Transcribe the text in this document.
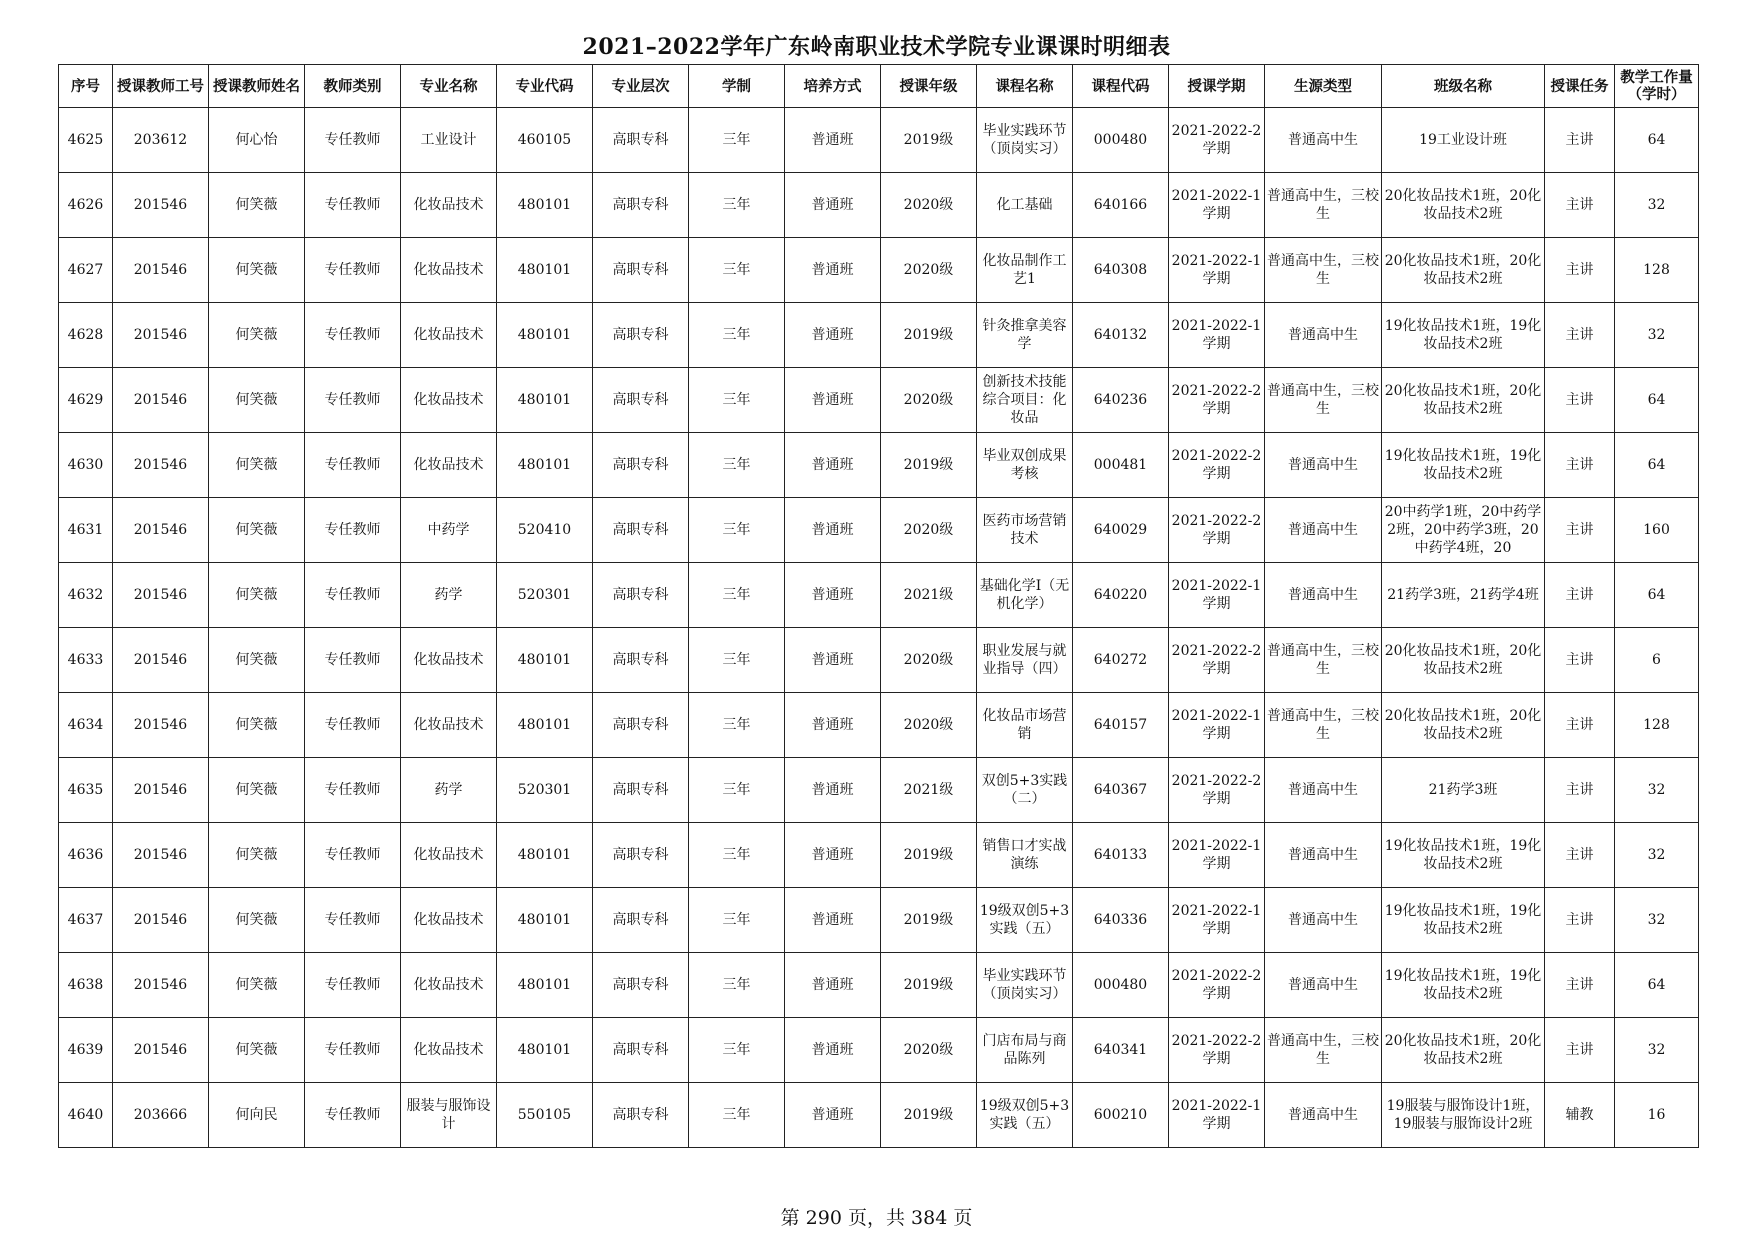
2021–2022学年广东岭南职业技术学院专业课课时明细表
序号	授课教师工号	授课教师姓名	教师类别	专业名称	专业代码	专业层次	学制	培养方式	授课年级	课程名称	课程代码	授课学期	生源类型	班级名称	授课任务	教学工作量（学时）

4625	203612	何心怡	专任教师	工业设计	460105	高职专科	三年	普通班	2019级	毕业实践环节（顶岗实习）	000480	2021-2022-2学期	普通高中生	19工业设计班	主讲	64

4626	201546	何笑薇	专任教师	化妆品技术	480101	高职专科	三年	普通班	2020级	化工基础	640166	2021-2022-1学期	普通高中生，三校生	20化妆品技术1班，20化妆品技术2班	主讲	32

4627	201546	何笑薇	专任教师	化妆品技术	480101	高职专科	三年	普通班	2020级	化妆品制作工艺1	640308	2021-2022-1学期	普通高中生，三校生	20化妆品技术1班，20化妆品技术2班	主讲	128

4628	201546	何笑薇	专任教师	化妆品技术	480101	高职专科	三年	普通班	2019级	针灸推拿美容学	640132	2021-2022-1学期	普通高中生	19化妆品技术1班，19化妆品技术2班	主讲	32

4629	201546	何笑薇	专任教师	化妆品技术	480101	高职专科	三年	普通班	2020级	创新技术技能综合项目：化妆品	640236	2021-2022-2学期	普通高中生，三校生	20化妆品技术1班，20化妆品技术2班	主讲	64

4630	201546	何笑薇	专任教师	化妆品技术	480101	高职专科	三年	普通班	2019级	毕业双创成果考核	000481	2021-2022-2学期	普通高中生	19化妆品技术1班，19化妆品技术2班	主讲	64

4631	201546	何笑薇	专任教师	中药学	520410	高职专科	三年	普通班	2020级	医药市场营销技术	640029	2021-2022-2学期	普通高中生	20中药学1班，20中药学2班，20中药学3班，20中药学4班，20	主讲	160

4632	201546	何笑薇	专任教师	药学	520301	高职专科	三年	普通班	2021级	基础化学I（无机化学）	640220	2021-2022-1学期	普通高中生	21药学3班，21药学4班	主讲	64

4633	201546	何笑薇	专任教师	化妆品技术	480101	高职专科	三年	普通班	2020级	职业发展与就业指导（四）	640272	2021-2022-2学期	普通高中生，三校生	20化妆品技术1班，20化妆品技术2班	主讲	6

4634	201546	何笑薇	专任教师	化妆品技术	480101	高职专科	三年	普通班	2020级	化妆品市场营销	640157	2021-2022-1学期	普通高中生，三校生	20化妆品技术1班，20化妆品技术2班	主讲	128

4635	201546	何笑薇	专任教师	药学	520301	高职专科	三年	普通班	2021级	双创5+3实践（二）	640367	2021-2022-2学期	普通高中生	21药学3班	主讲	32

4636	201546	何笑薇	专任教师	化妆品技术	480101	高职专科	三年	普通班	2019级	销售口才实战演练	640133	2021-2022-1学期	普通高中生	19化妆品技术1班，19化妆品技术2班	主讲	32

4637	201546	何笑薇	专任教师	化妆品技术	480101	高职专科	三年	普通班	2019级	19级双创5+3实践（五）	640336	2021-2022-1学期	普通高中生	19化妆品技术1班，19化妆品技术2班	主讲	32

4638	201546	何笑薇	专任教师	化妆品技术	480101	高职专科	三年	普通班	2019级	毕业实践环节（顶岗实习）	000480	2021-2022-2学期	普通高中生	19化妆品技术1班，19化妆品技术2班	主讲	64

4639	201546	何笑薇	专任教师	化妆品技术	480101	高职专科	三年	普通班	2020级	门店布局与商品陈列	640341	2021-2022-2学期	普通高中生，三校生	20化妆品技术1班，20化妆品技术2班	主讲	32

4640	203666	何向民	专任教师	服装与服饰设计	550105	高职专科	三年	普通班	2019级	19级双创5+3实践（五）	600210	2021-2022-1学期	普通高中生	19服装与服饰设计1班，19服装与服饰设计2班	辅教	16
第 290 页，共 384 页
